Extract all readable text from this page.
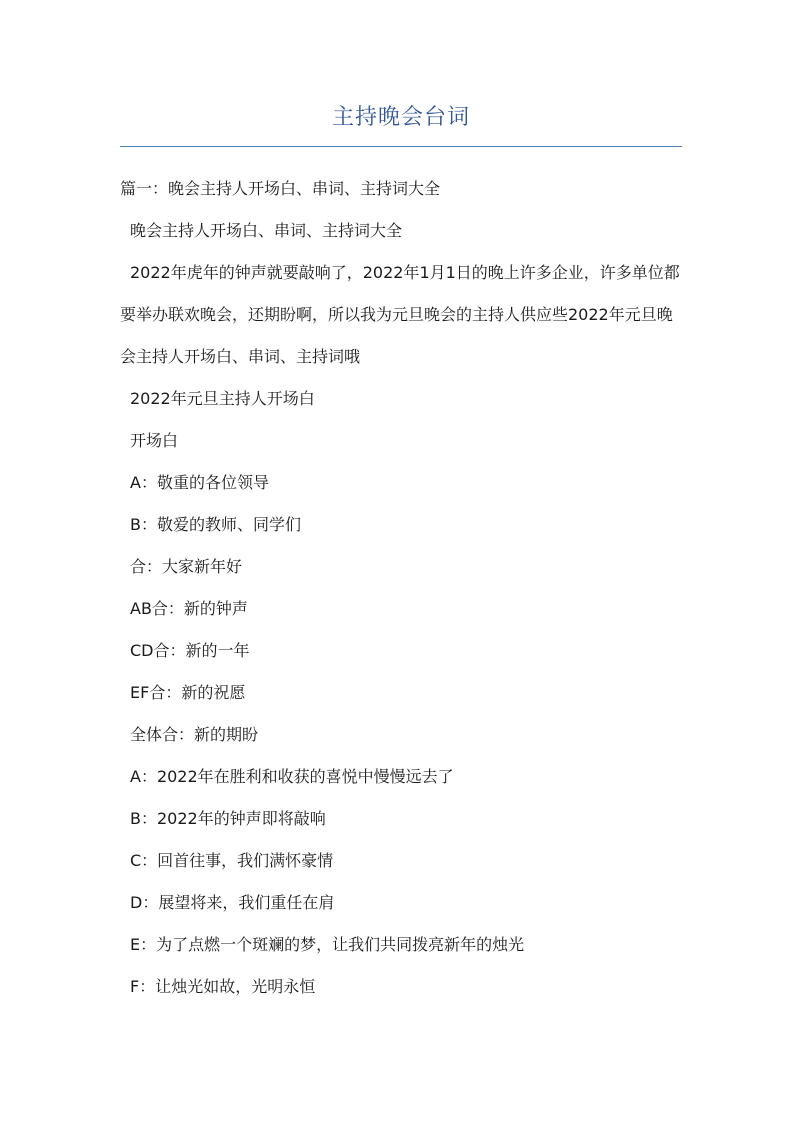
主持晚会台词

篇一：晚会主持人开场白、串词、主持词大全

晚会主持人开场白、串词、主持词大全

2022年虎年的钟声就要敲响了，2022年1月1日的晚上许多企业，许多单位都要举办联欢晚会，还期盼啊，所以我为元旦晚会的主持人供应些2022年元旦晚会主持人开场白、串词、主持词哦

2022年元旦主持人开场白

开场白

A：敬重的各位领导

B：敬爱的教师、同学们

合：大家新年好

AB合：新的钟声

CD合：新的一年

EF合：新的祝愿

全体合：新的期盼

A：2022年在胜利和收获的喜悦中慢慢远去了

B：2022年的钟声即将敲响

C：回首往事，我们满怀豪情

D：展望将来，我们重任在肩

E：为了点燃一个斑斓的梦，让我们共同拨亮新年的烛光

F：让烛光如故，光明永恒
